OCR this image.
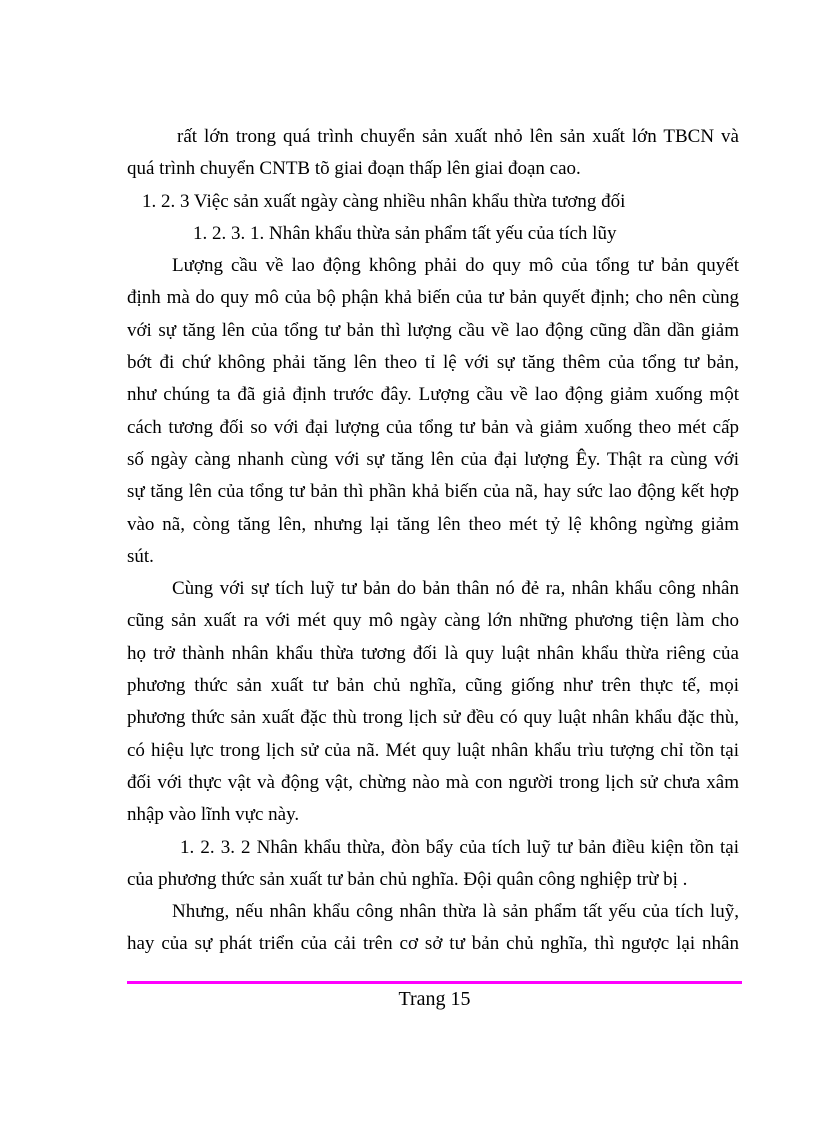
rất lớn trong quá trình chuyển sản xuất nhỏ lên sản xuất lớn TBCN và
quá trình chuyển CNTB tõ giai đoạn thấp lên giai đoạn cao.
1. 2. 3 Việc sản xuất ngày càng nhiều nhân khẩu thừa tương đối
1. 2. 3. 1. Nhân khẩu thừa sản phẩm tất yếu của tích lũy
Lượng cầu về lao động không phải do quy mô của tổng tư bản quyết
định mà do quy mô của bộ phận khả biến của tư bản quyết định; cho nên cùng
với sự tăng lên của tổng tư bản thì lượng cầu về lao động cũng dần dần giảm
bớt đi chứ không phải tăng lên theo tỉ lệ với sự tăng thêm của tổng tư bản,
như chúng ta đã giả định trước đây. Lượng cầu về lao động giảm xuống một
cách tương đối so với đại lượng của tổng tư bản và giảm xuống theo mét cấp
số ngày càng nhanh cùng với sự tăng lên của đại lượng Êy. Thật ra cùng với
sự tăng lên của tổng tư bản thì phần khả biến của nã, hay sức lao động kết hợp
vào nã, còng tăng lên, nhưng lại tăng lên theo mét tỷ lệ không ngừng giảm
sút.
Cùng với sự tích luỹ tư bản do bản thân nó đẻ ra, nhân khẩu công nhân
cũng sản xuất ra với mét quy mô ngày càng lớn những phương tiện làm cho
họ trở thành nhân khẩu thừa tương đối là quy luật nhân khẩu thừa riêng của
phương thức sản xuất tư bản chủ nghĩa, cũng giống như trên thực tế, mọi
phương thức sản xuất đặc thù trong lịch sử đều có quy luật nhân khẩu đặc thù,
có hiệu lực trong lịch sử của nã. Mét quy luật nhân khẩu trìu tượng chỉ tồn tại
đối với thực vật và động vật, chừng nào mà con người trong lịch sử chưa xâm
nhập vào lĩnh vực này.
1. 2. 3. 2 Nhân khẩu thừa, đòn bẩy của tích luỹ tư bản điều kiện tồn tại
của phương thức sản xuất tư bản chủ nghĩa. Đội quân công nghiệp trừ bị .
Nhưng, nếu nhân khẩu công nhân thừa là sản phẩm tất yếu của tích luỹ,
hay của sự phát triển của cải trên cơ sở tư bản chủ nghĩa, thì ngược lại nhân
Trang 15
